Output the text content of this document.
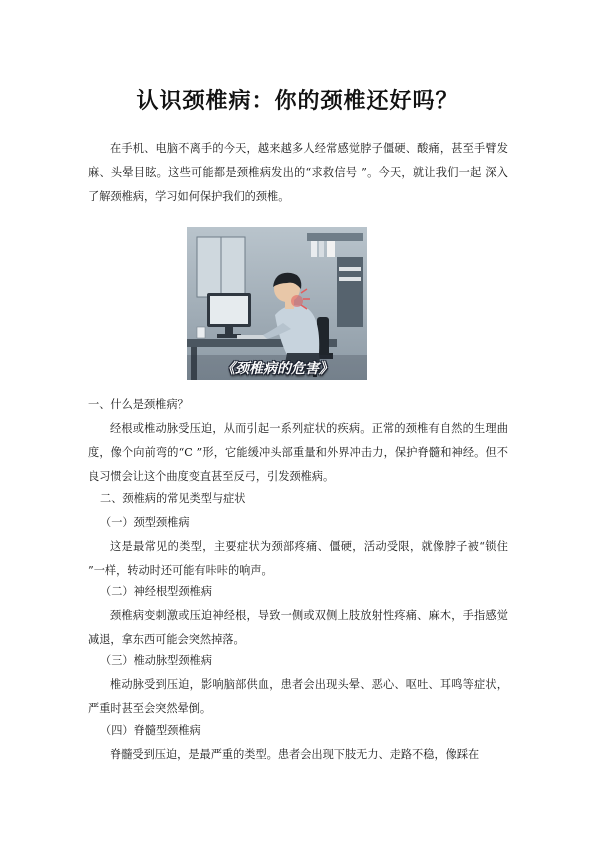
认识颈椎病：你的颈椎还好吗？
在手机、电脑不离手的今天，越来越多人经常感觉脖子僵硬、酸痛，甚至手臂发 麻、头晕目眩。这些可能都是颈椎病发出的“求救信号 ”。今天，就让我们一起 深入了解颈椎病，学习如何保护我们的颈椎。
《颈椎病的危害》
一、什么是颈椎病？
经根或椎动脉受压迫，从而引起一系列症状的疾病。正常的颈椎有自然的生理曲度，像个向前弯的“C ”形，它能缓冲头部重量和外界冲击力，保护脊髓和神经。但不良习惯会让这个曲度变直甚至反弓，引发颈椎病。
二、颈椎病的常见类型与症状
（一）颈型颈椎病
这是最常见的类型，主要症状为颈部疼痛、僵硬，活动受限，就像脖子被“锁住 ”一样，转动时还可能有咔咔的响声。
（二）神经根型颈椎病
颈椎病变刺激或压迫神经根，导致一侧或双侧上肢放射性疼痛、麻木，手指感觉减退，拿东西可能会突然掉落。
（三）椎动脉型颈椎病
椎动脉受到压迫，影响脑部供血，患者会出现头晕、恶心、呕吐、耳鸣等症状，严重时甚至会突然晕倒。
（四）脊髓型颈椎病
脊髓受到压迫，是最严重的类型。患者会出现下肢无力、走路不稳，像踩在
